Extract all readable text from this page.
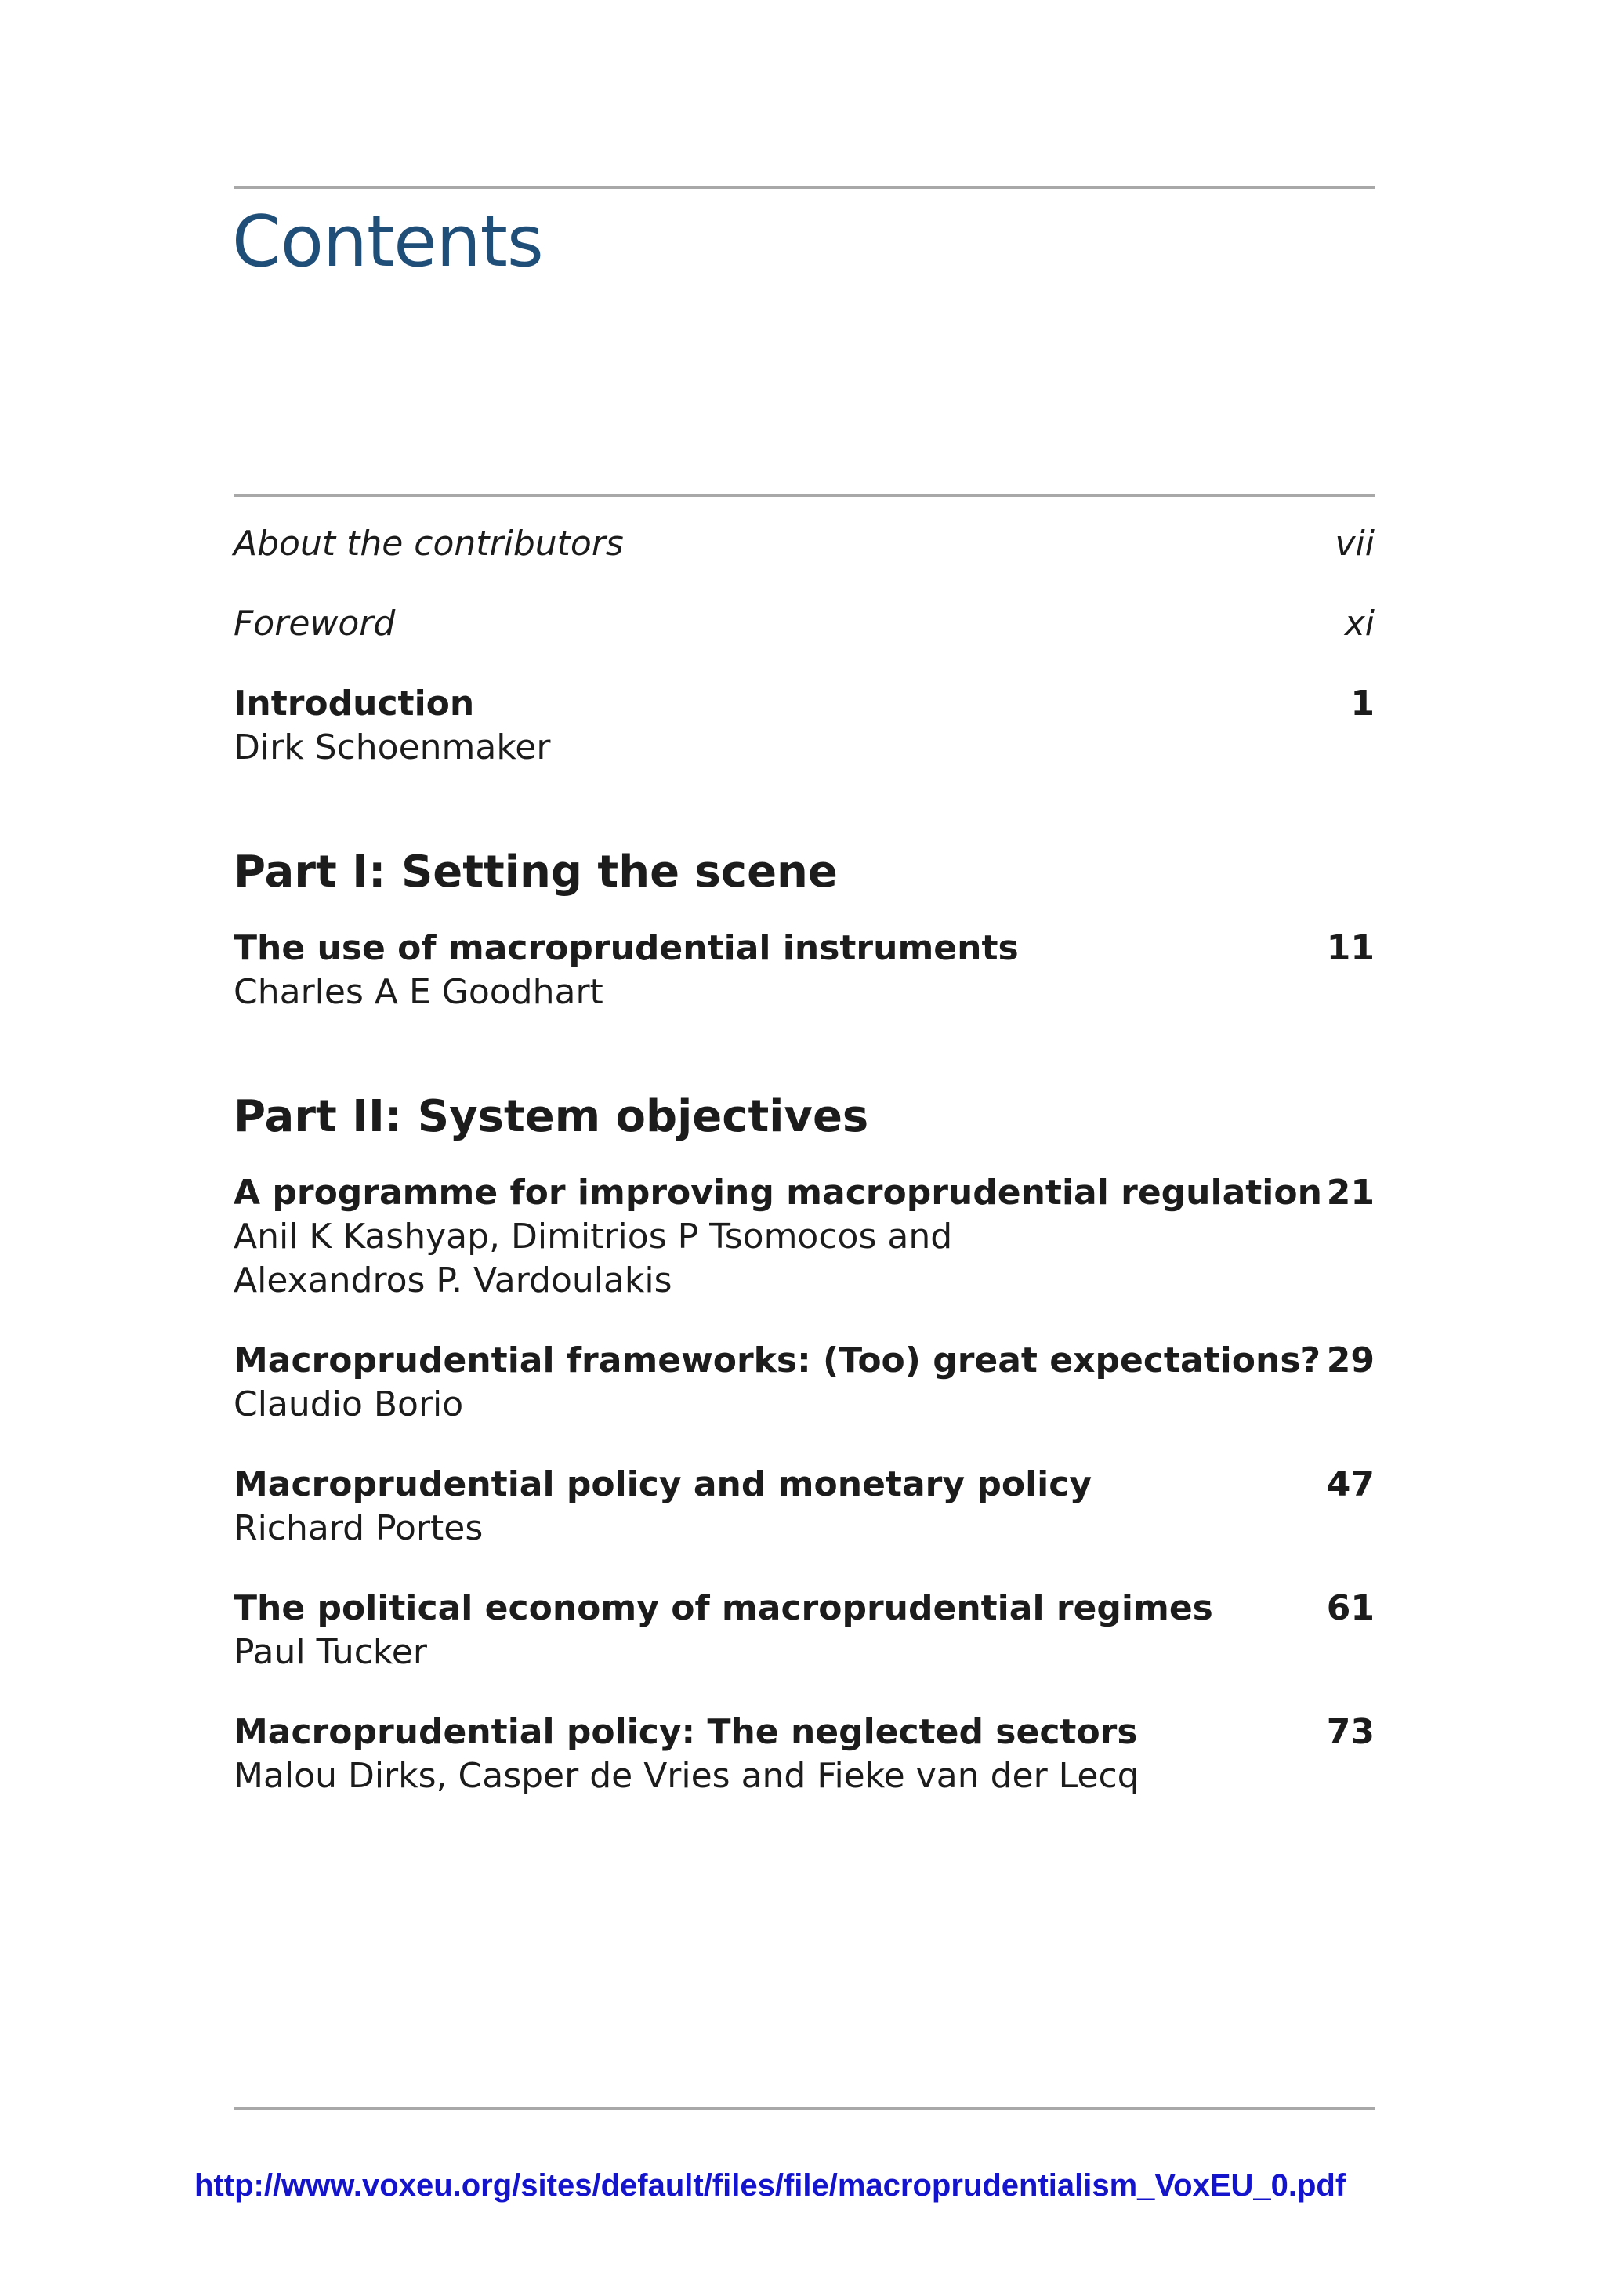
Contents
About the contributors	vii
Foreword	xi
Introduction	1
Dirk Schoenmaker
Part I: Setting the scene
The use of macroprudential instruments	11
Charles A E Goodhart
Part II: System objectives
A programme for improving macroprudential regulation 21
Anil K Kashyap, Dimitrios P Tsomocos and
Alexandros P. Vardoulakis
Macroprudential frameworks: (Too) great expectations? 29
Claudio Borio
Macroprudential policy and monetary policy	47
Richard Portes
The political economy of macroprudential regimes	61
Paul Tucker
Macroprudential policy: The neglected sectors	73
Malou Dirks, Casper de Vries and Fieke van der Lecq
http://www.voxeu.org/sites/default/files/file/macroprudentialism_VoxEU_0.pdf
